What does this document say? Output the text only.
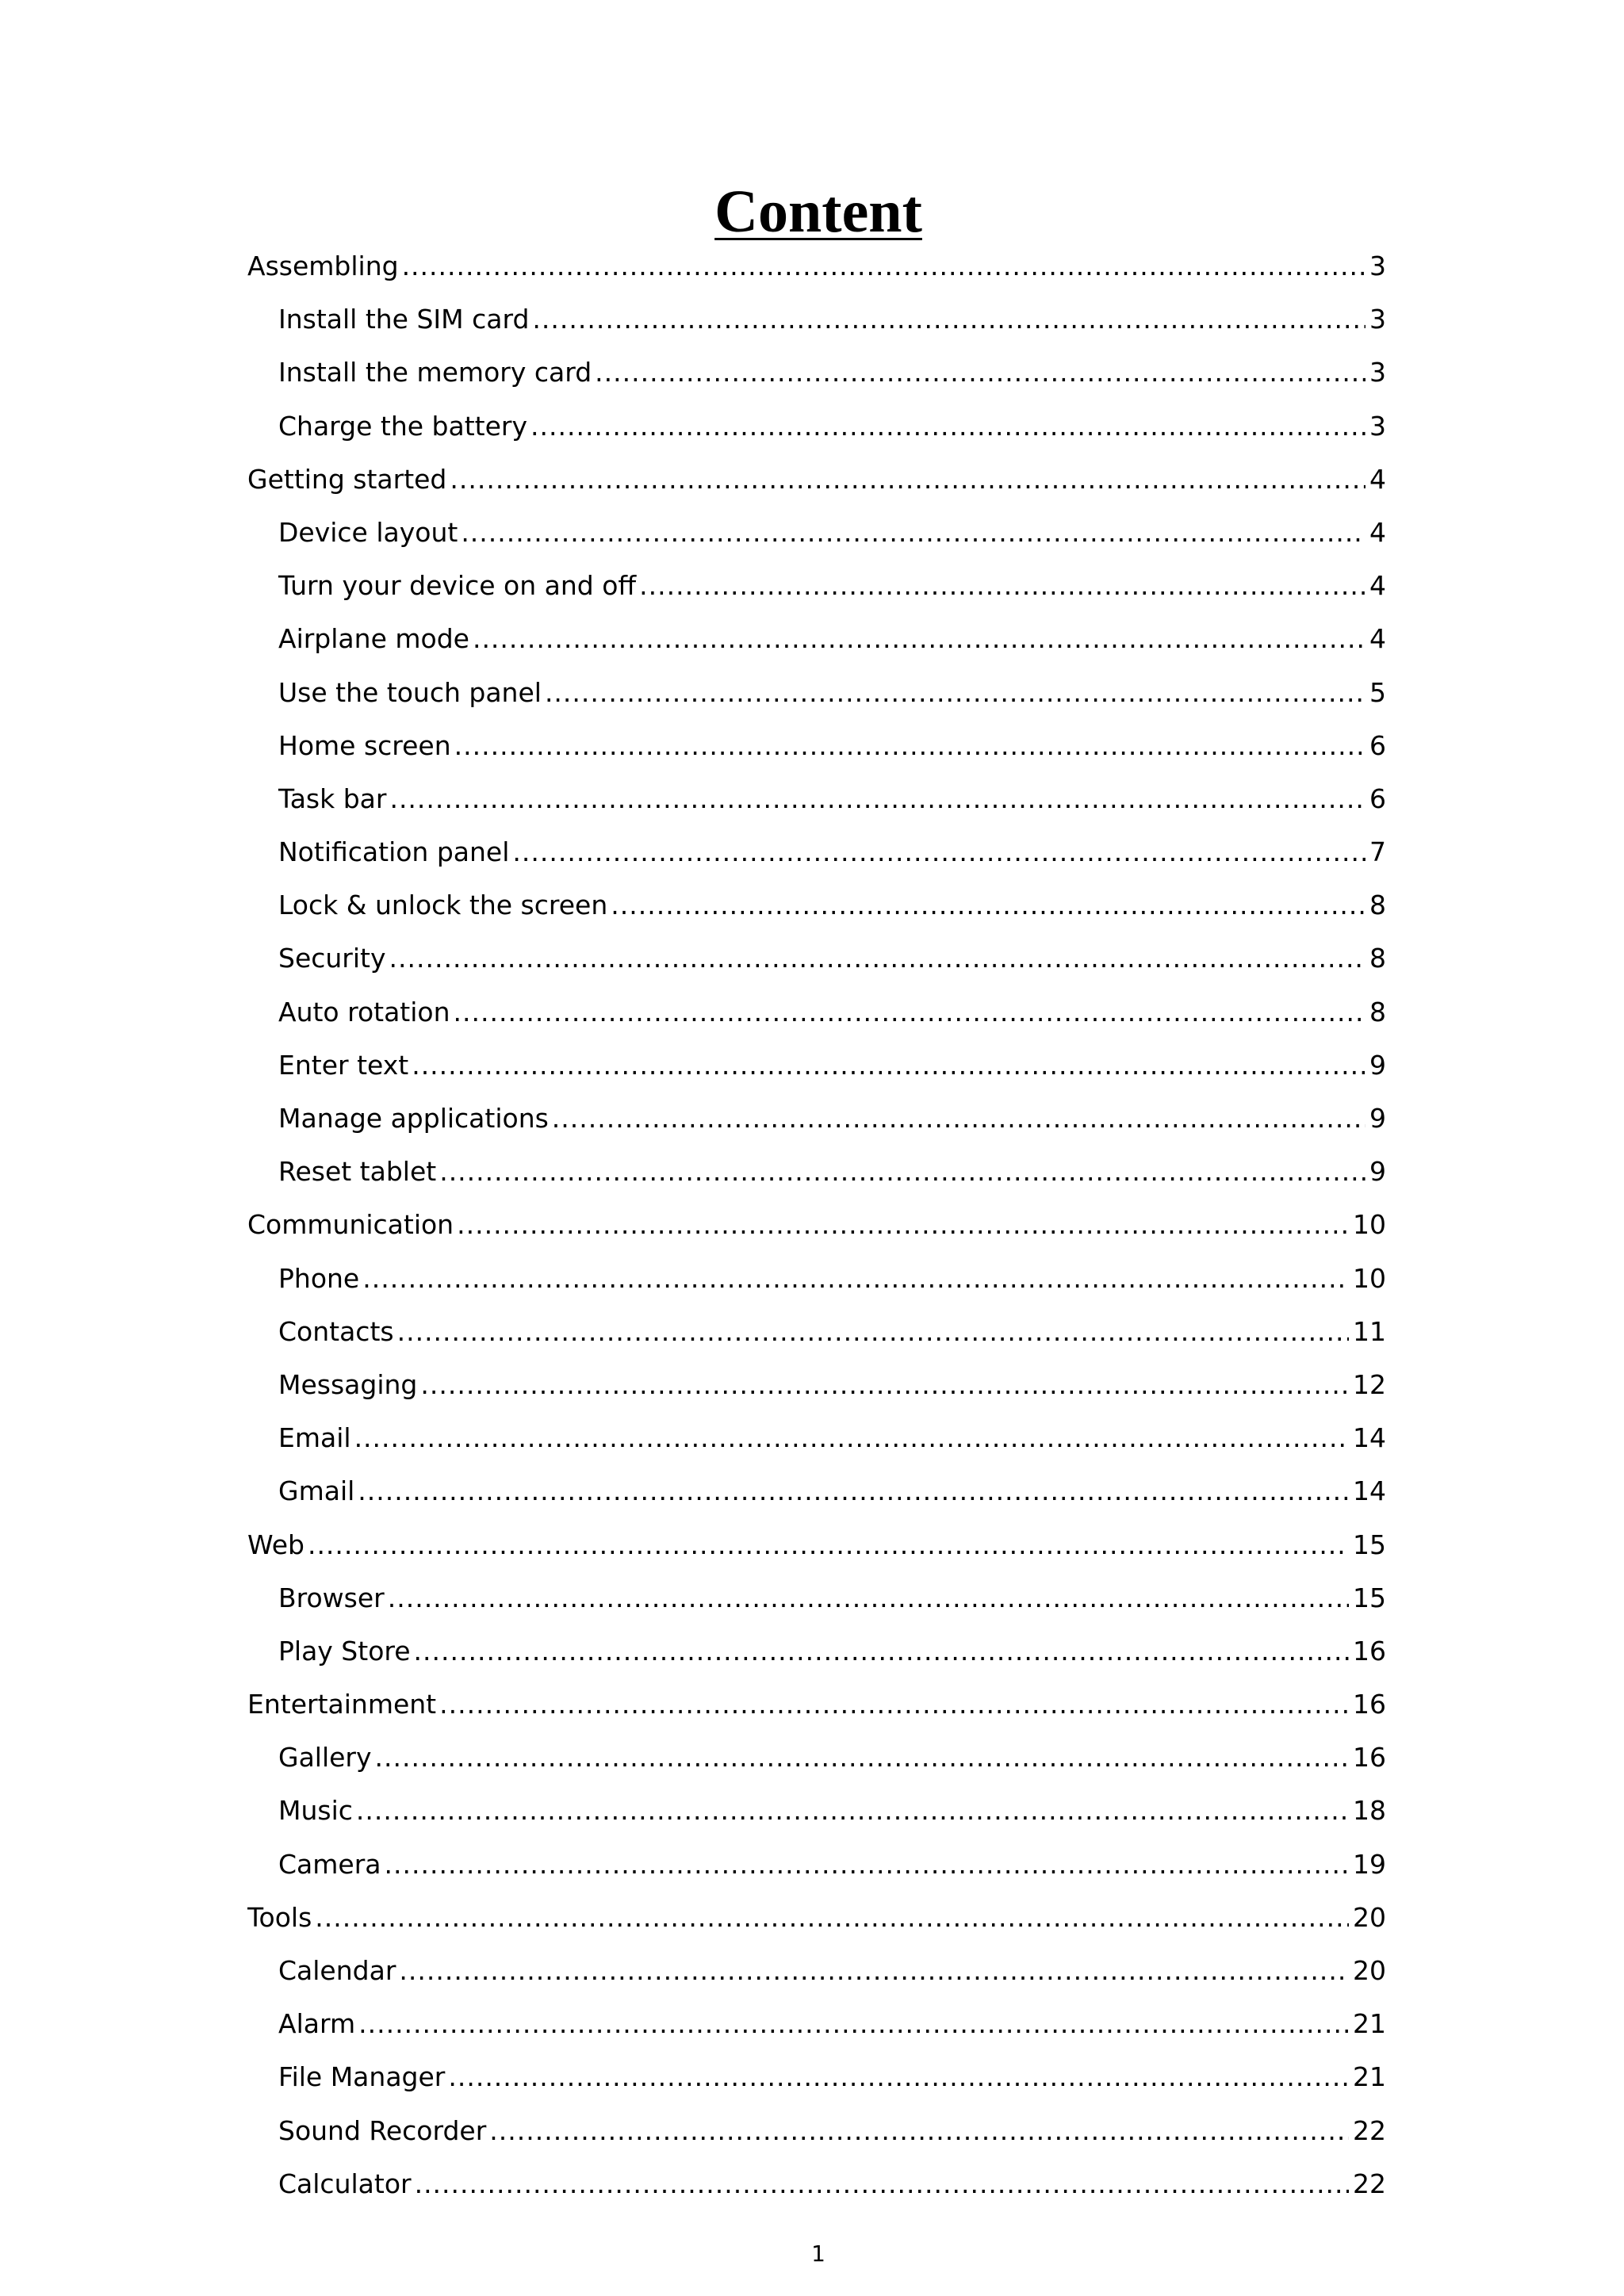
Content
Assembling .....	3
Install the SIM card .....	3
Install the memory card .....	3
Charge the battery .....	3
Getting started .....	4
Device layout .....	4
Turn your device on and off .....	4
Airplane mode .....	4
Use the touch panel .....	5
Home screen .....	6
Task bar .....	6
Notification panel .....	7
Lock & unlock the screen .....	8
Security .....	8
Auto rotation .....	8
Enter text .....	9
Manage applications .....	9
Reset tablet .....	9
Communication .....	10
Phone .....	10
Contacts .....	11
Messaging .....	12
Email .....	14
Gmail .....	14
Web .....	15
Browser .....	15
Play Store .....	16
Entertainment .....	16
Gallery .....	16
Music .....	18
Camera .....	19
Tools .....	20
Calendar .....	20
Alarm .....	21
File Manager .....	21
Sound Recorder .....	22
Calculator .....	22
1
